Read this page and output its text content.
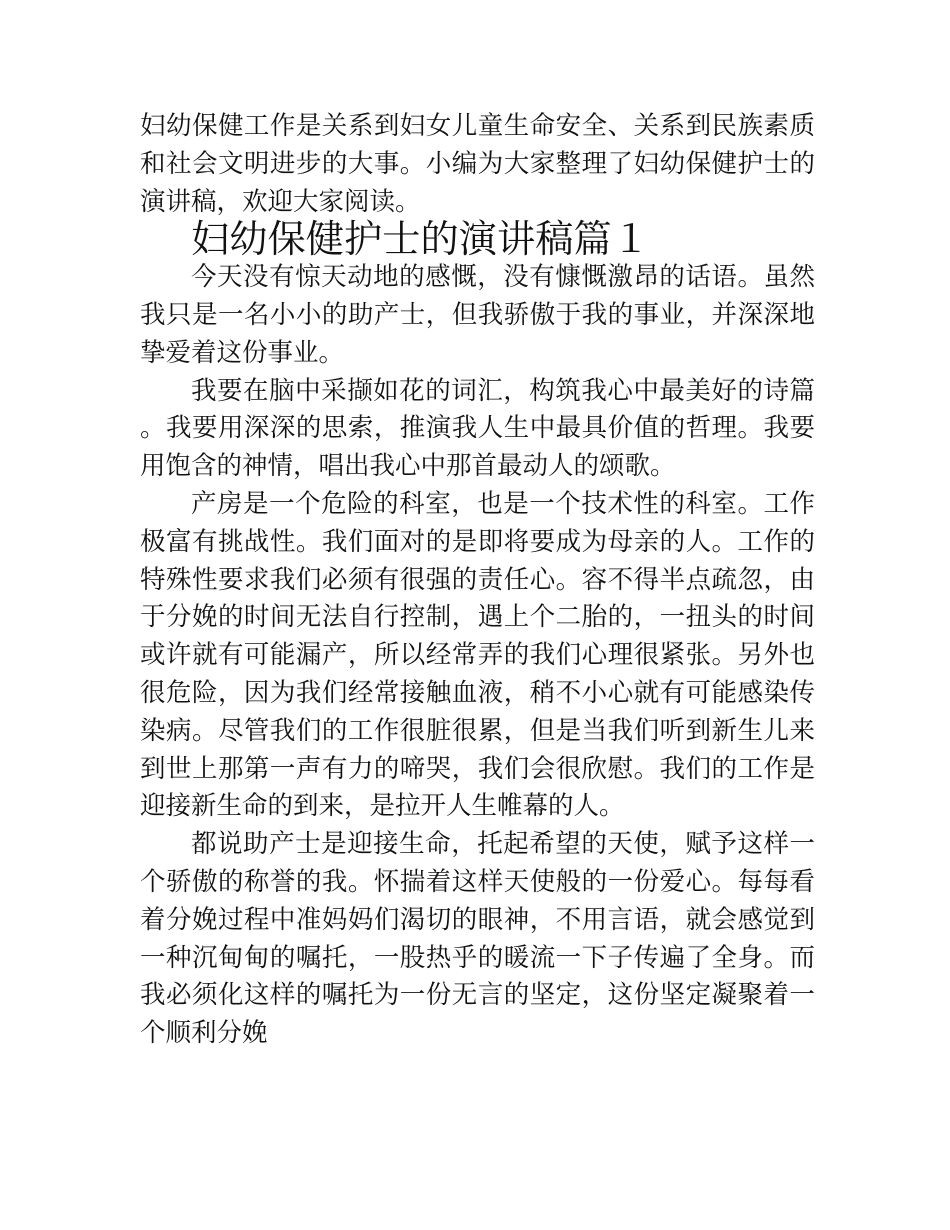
妇幼保健工作是关系到妇女儿童生命安全、关系到民族素质和社会文明进步的大事。小编为大家整理了妇幼保健护士的演讲稿，欢迎大家阅读。

妇幼保健护士的演讲稿篇１

今天没有惊天动地的感慨，没有慷慨激昂的话语。虽然我只是一名小小的助产士，但我骄傲于我的事业，并深深地挚爱着这份事业。

我要在脑中采撷如花的词汇，构筑我心中最美好的诗篇。我要用深深的思索，推演我人生中最具价值的哲理。我要用饱含的神情，唱出我心中那首最动人的颂歌。

产房是一个危险的科室，也是一个技术性的科室。工作极富有挑战性。我们面对的是即将要成为母亲的人。工作的特殊性要求我们必须有很强的责任心。容不得半点疏忽，由于分娩的时间无法自行控制，遇上个二胎的，一扭头的时间或许就有可能漏产，所以经常弄的我们心理很紧张。另外也很危险，因为我们经常接触血液，稍不小心就有可能感染传染病。尽管我们的工作很脏很累，但是当我们听到新生儿来到世上那第一声有力的啼哭，我们会很欣慰。我们的工作是迎接新生命的到来，是拉开人生帷幕的人。

都说助产士是迎接生命，托起希望的天使，赋予这样一个骄傲的称誉的我。怀揣着这样天使般的一份爱心。每每看着分娩过程中准妈妈们渴切的眼神，不用言语，就会感觉到一种沉甸甸的嘱托，一股热乎的暖流一下子传遍了全身。而我必须化这样的嘱托为一份无言的坚定，这份坚定凝聚着一个顺利分娩
